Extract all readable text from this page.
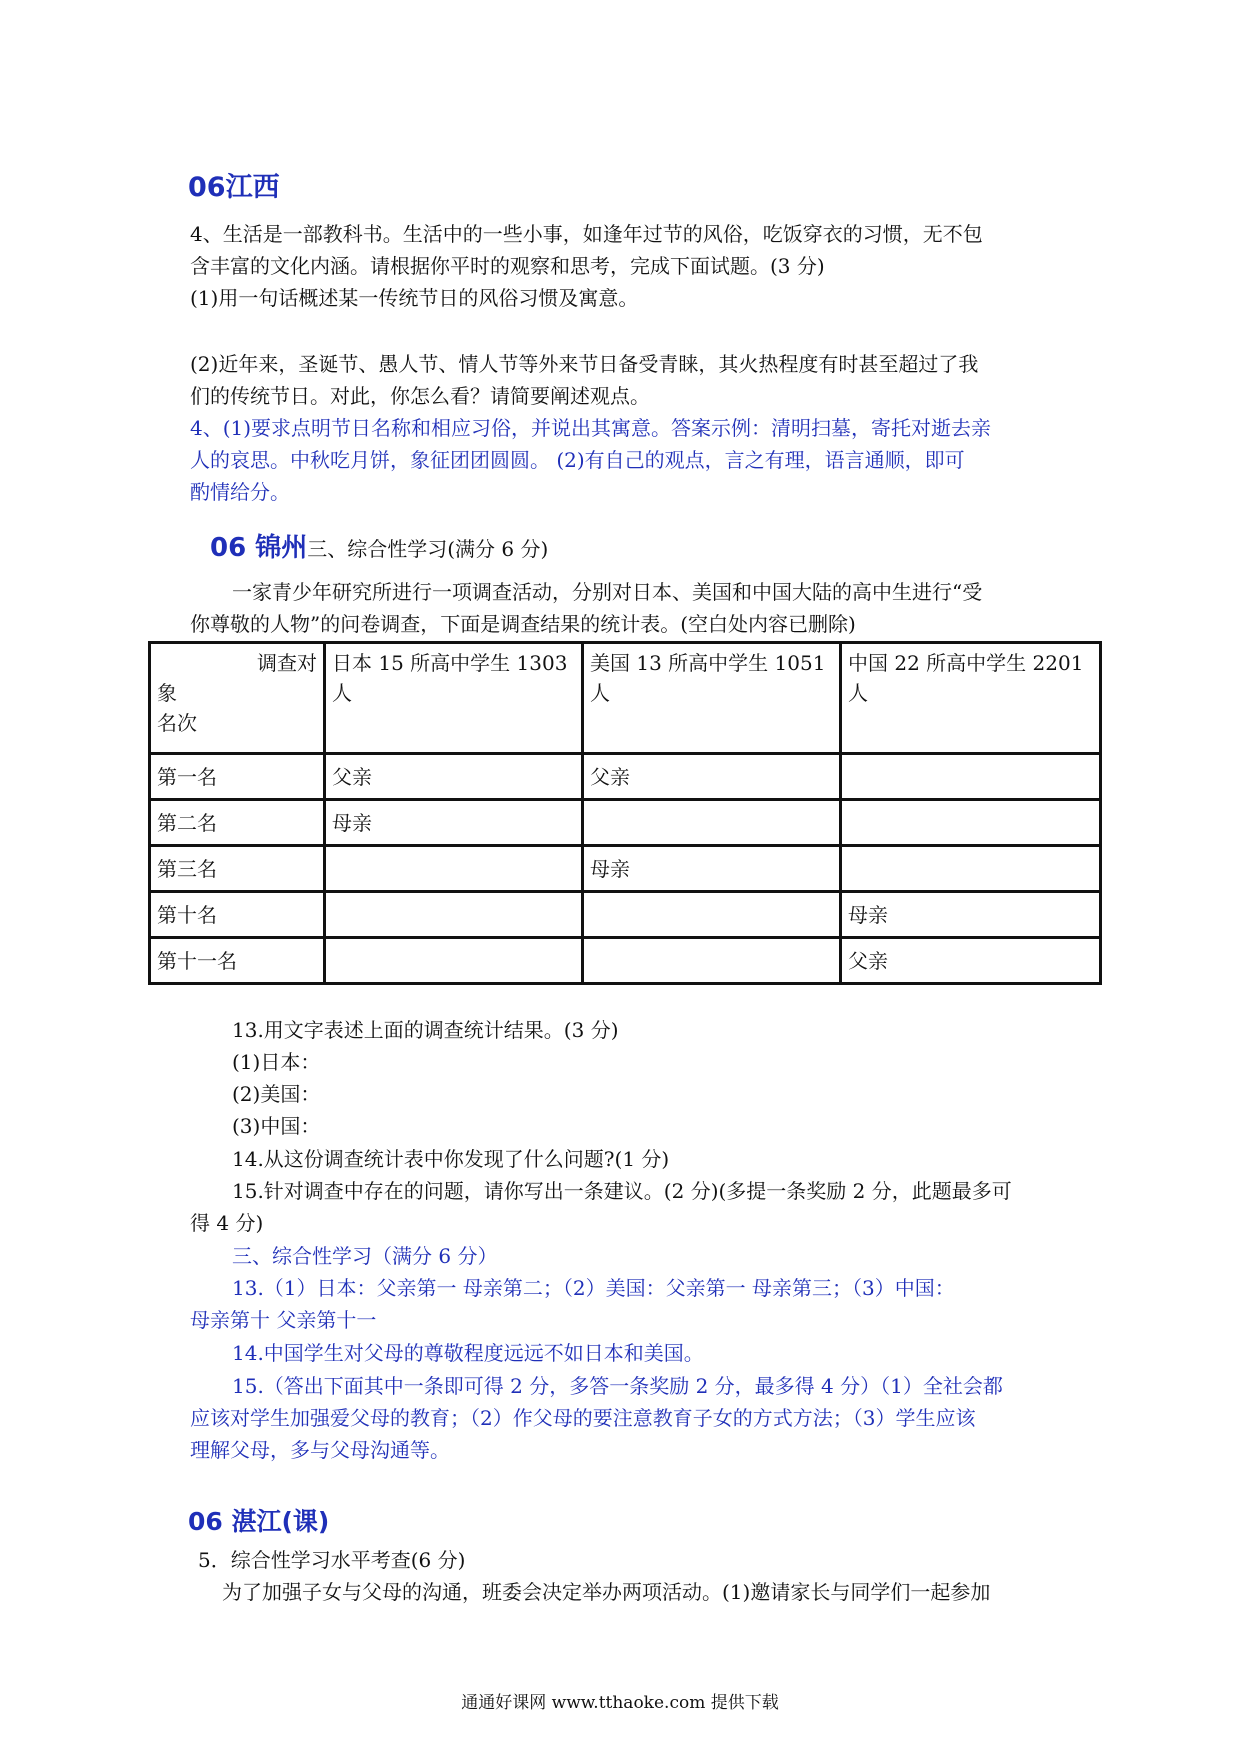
06江西
4、生活是一部教科书。生活中的一些小事，如逢年过节的风俗，吃饭穿衣的习惯，无不包
含丰富的文化内涵。请根据你平时的观察和思考，完成下面试题。(3 分)
(1)用一句话概述某一传统节日的风俗习惯及寓意。
(2)近年来，圣诞节、愚人节、情人节等外来节日备受青睐，其火热程度有时甚至超过了我
们的传统节日。对此，你怎么看？请简要阐述观点。
4、(1)要求点明节日名称和相应习俗，并说出其寓意。答案示例：清明扫墓，寄托对逝去亲
人的哀思。中秋吃月饼，象征团团圆圆。 (2)有自己的观点，言之有理，语言通顺，即可
酌情给分。
06 锦州三、综合性学习(满分 6 分)
一家青少年研究所进行一项调查活动，分别对日本、美国和中国大陆的高中生进行“受
你尊敬的人物”的问卷调查，下面是调查结果的统计表。(空白处内容已删除)
调查对
象
名次	日本 15 所高中学生 1303 人	美国 13 所高中学生 1051 人	中国 22 所高中学生 2201 人
第一名	父亲	父亲	
第二名	母亲		
第三名		母亲	
第十名			母亲
第十一名			父亲
13.用文字表述上面的调查统计结果。(3 分)
(1)日本：
(2)美国：
(3)中国：
14.从这份调查统计表中你发现了什么问题?(1 分)
15.针对调查中存在的问题，请你写出一条建议。(2 分)(多提一条奖励 2 分，此题最多可
得 4 分)
三、综合性学习（满分 6 分）
13.（1）日本：父亲第一 母亲第二；（2）美国：父亲第一 母亲第三；（3）中国：
母亲第十 父亲第十一
14.中国学生对父母的尊敬程度远远不如日本和美国。
15.（答出下面其中一条即可得 2 分，多答一条奖励 2 分，最多得 4 分）（1）全社会都
应该对学生加强爱父母的教育；（2）作父母的要注意教育子女的方式方法；（3）学生应该
理解父母，多与父母沟通等。
06 湛江(课)
5．综合性学习水平考查(6 分)
为了加强子女与父母的沟通，班委会决定举办两项活动。(1)邀请家长与同学们一起参加
通通好课网 www.tthaoke.com 提供下载
